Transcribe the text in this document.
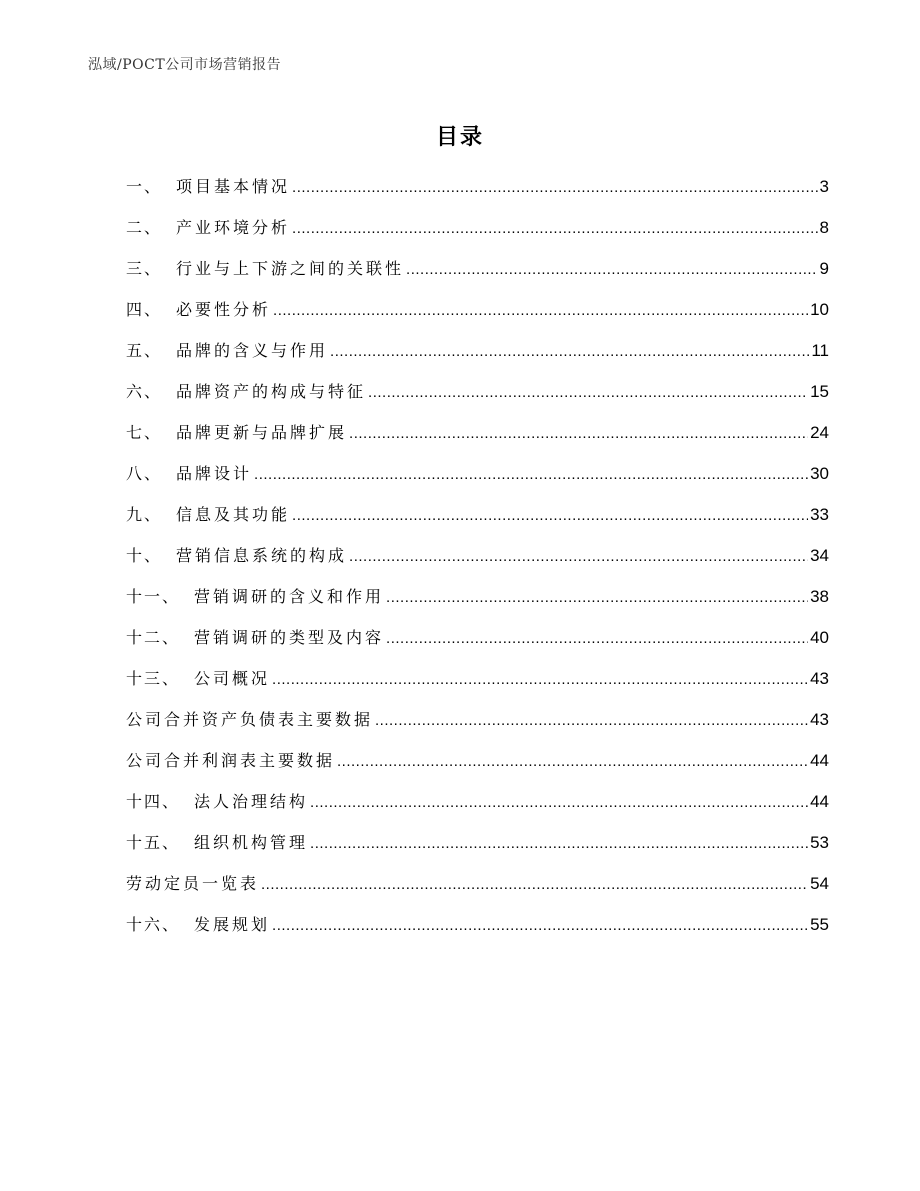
泓域/POCT公司市场营销报告
目录
一、 项目基本情况 .....	3
二、 产业环境分析 .....	8
三、 行业与上下游之间的关联性 .....	9
四、 必要性分析 .....	10
五、 品牌的含义与作用 .....	11
六、 品牌资产的构成与特征 .....	15
七、 品牌更新与品牌扩展 .....	24
八、 品牌设计 .....	30
九、 信息及其功能 .....	33
十、 营销信息系统的构成 .....	34
十一、 营销调研的含义和作用 .....	38
十二、 营销调研的类型及内容 .....	40
十三、 公司概况 .....	43
公司合并资产负债表主要数据 .....	43
公司合并利润表主要数据 .....	44
十四、 法人治理结构 .....	44
十五、 组织机构管理 .....	53
劳动定员一览表 .....	54
十六、 发展规划 .....	55
